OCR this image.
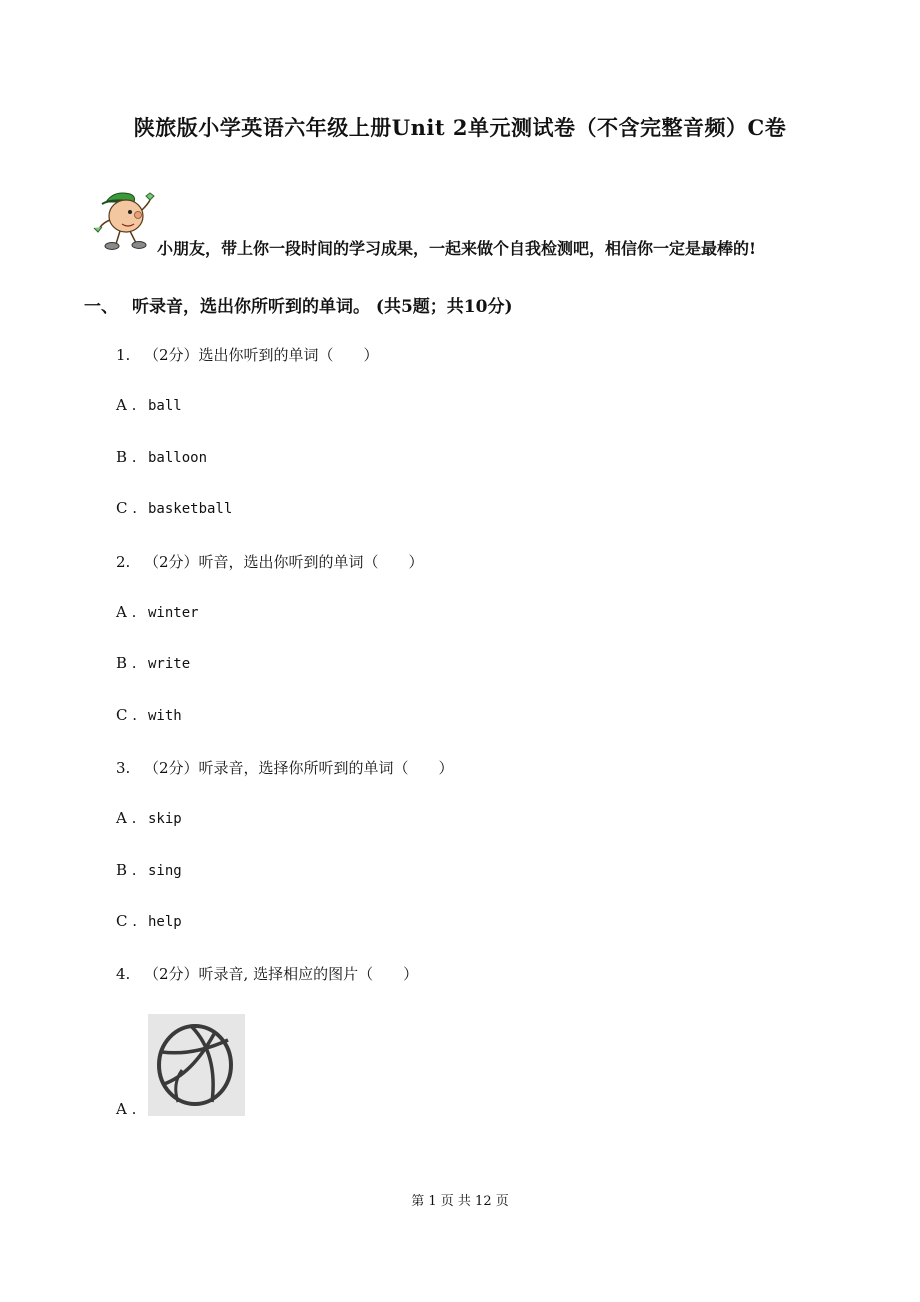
陕旅版小学英语六年级上册Unit 2单元测试卷（不含完整音频）C卷
小朋友，带上你一段时间的学习成果，一起来做个自我检测吧，相信你一定是最棒的!
一、 听录音，选出你所听到的单词。 (共5题；共10分)
1. （2分）选出你听到的单词（　　）
A . ball
B . balloon
C . basketball
2. （2分）听音，选出你听到的单词（　　）
A . winter
B . write
C . with
3. （2分）听录音，选择你所听到的单词（　　）
A . skip
B . sing
C . help
4. （2分）听录音, 选择相应的图片（　　）
A .
第 1 页 共 12 页
